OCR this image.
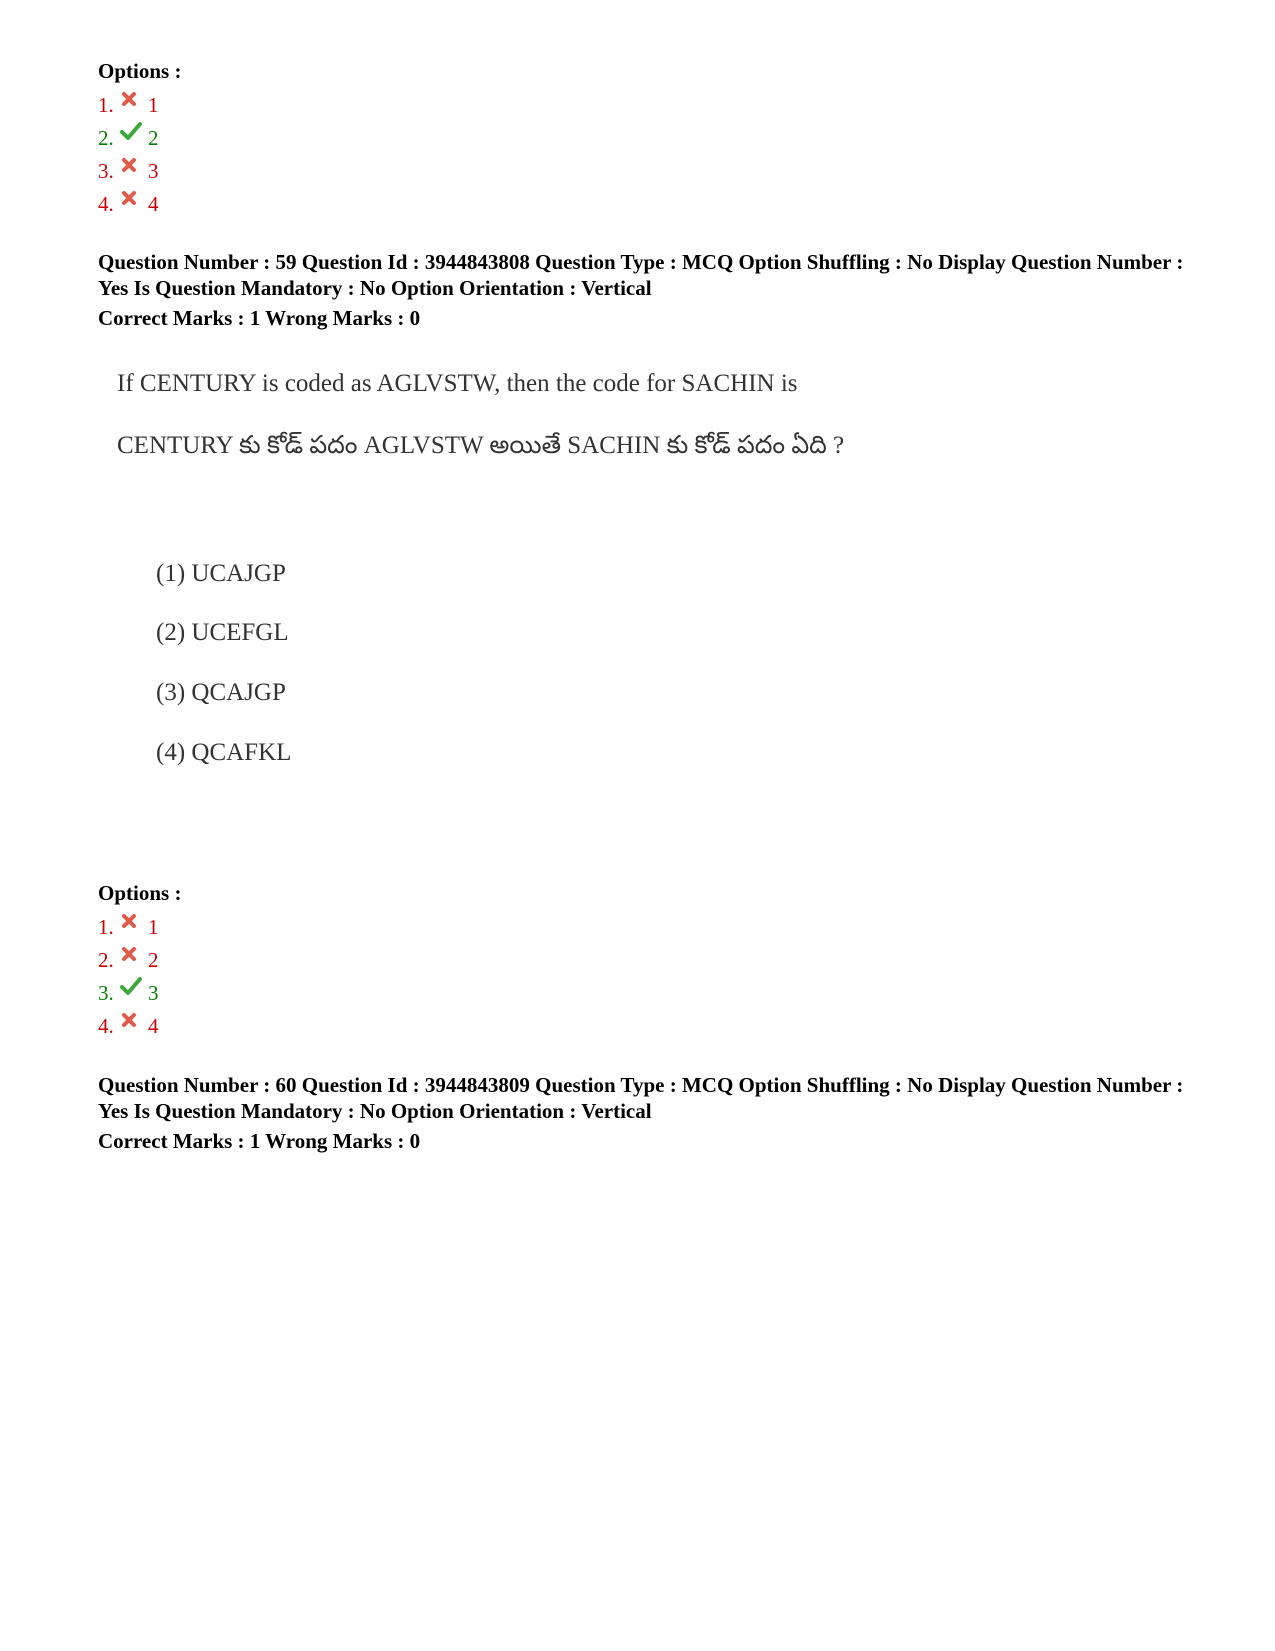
Options :
1. 1
2. 2
3. 3
4. 4
Question Number : 59 Question Id : 3944843808 Question Type : MCQ Option Shuffling : No Display Question Number : Yes Is Question Mandatory : No Option Orientation : Vertical
Correct Marks : 1 Wrong Marks : 0
If CENTURY is coded as AGLVSTW, then the code for SACHIN is
CENTURY కు కోడ్ పదం AGLVSTW అయితే SACHIN కు కోడ్ పదం ఏది ?
(1) UCAJGP
(2) UCEFGL
(3) QCAJGP
(4) QCAFKL
Options :
1. 1
2. 2
3. 3
4. 4
Question Number : 60 Question Id : 3944843809 Question Type : MCQ Option Shuffling : No Display Question Number : Yes Is Question Mandatory : No Option Orientation : Vertical
Correct Marks : 1 Wrong Marks : 0
